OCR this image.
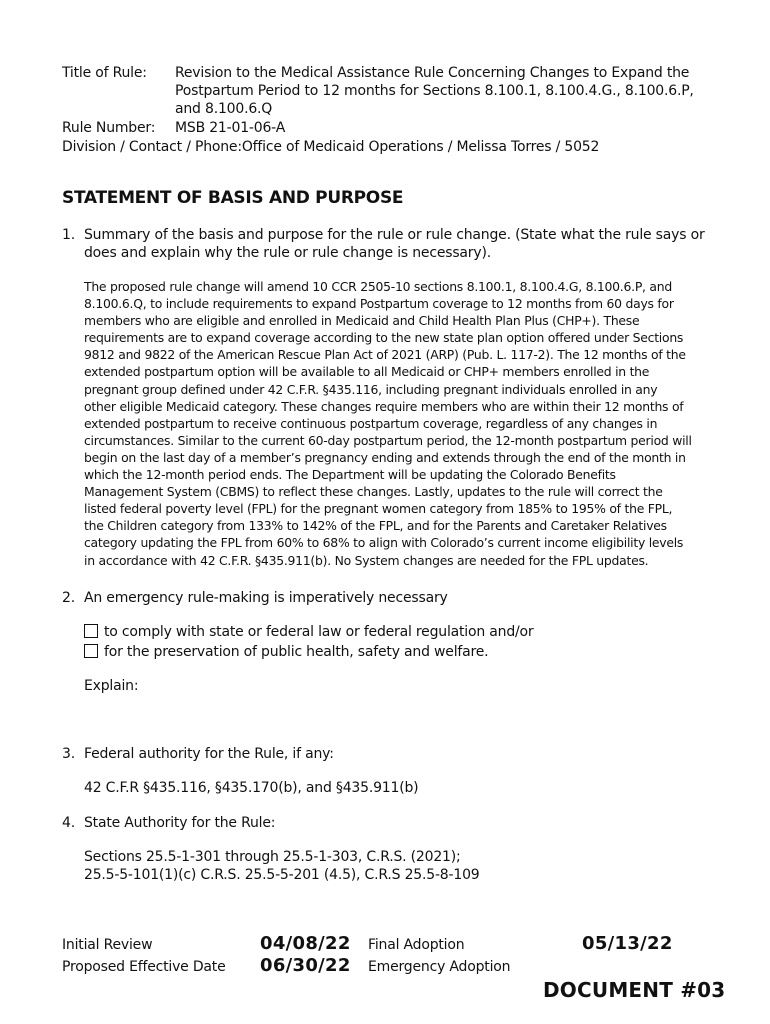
Title of Rule:	Revision to the Medical Assistance Rule Concerning Changes to Expand the
Postpartum Period to 12 months for Sections 8.100.1, 8.100.4.G., 8.100.6.P,
and 8.100.6.Q
Rule Number: MSB 21-01-06-A
Division / Contact / Phone:Office of Medicaid Operations / Melissa Torres / 5052
STATEMENT OF BASIS AND PURPOSE
1. Summary of the basis and purpose for the rule or rule change. (State what the rule says or
does and explain why the rule or rule change is necessary).
The proposed rule change will amend 10 CCR 2505-10 sections 8.100.1, 8.100.4.G, 8.100.6.P, and
8.100.6.Q, to include requirements to expand Postpartum coverage to 12 months from 60 days for
members who are eligible and enrolled in Medicaid and Child Health Plan Plus (CHP+). These
requirements are to expand coverage according to the new state plan option offered under Sections
9812 and 9822 of the American Rescue Plan Act of 2021 (ARP) (Pub. L. 117-2). The 12 months of the
extended postpartum option will be available to all Medicaid or CHP+ members enrolled in the
pregnant group defined under 42 C.F.R. §435.116, including pregnant individuals enrolled in any
other eligible Medicaid category. These changes require members who are within their 12 months of
extended postpartum to receive continuous postpartum coverage, regardless of any changes in
circumstances. Similar to the current 60-day postpartum period, the 12-month postpartum period will
begin on the last day of a member’s pregnancy ending and extends through the end of the month in
which the 12-month period ends. The Department will be updating the Colorado Benefits
Management System (CBMS) to reflect these changes. Lastly, updates to the rule will correct the
listed federal poverty level (FPL) for the pregnant women category from 185% to 195% of the FPL,
the Children category from 133% to 142% of the FPL, and for the Parents and Caretaker Relatives
category updating the FPL from 60% to 68% to align with Colorado’s current income eligibility levels
in accordance with 42 C.F.R. §435.911(b). No System changes are needed for the FPL updates.
2. An emergency rule-making is imperatively necessary
to comply with state or federal law or federal regulation and/or
for the preservation of public health, safety and welfare.
Explain:
3. Federal authority for the Rule, if any:
42 C.F.R §435.116, §435.170(b), and §435.911(b)
4. State Authority for the Rule:
Sections 25.5-1-301 through 25.5-1-303, C.R.S. (2021);
25.5-5-101(1)(c) C.R.S. 25.5-5-201 (4.5), C.R.S 25.5-8-109
Initial Review	04/08/22 Final Adoption	05/13/22
Proposed Effective Date 06/30/22 Emergency Adoption
DOCUMENT #03
